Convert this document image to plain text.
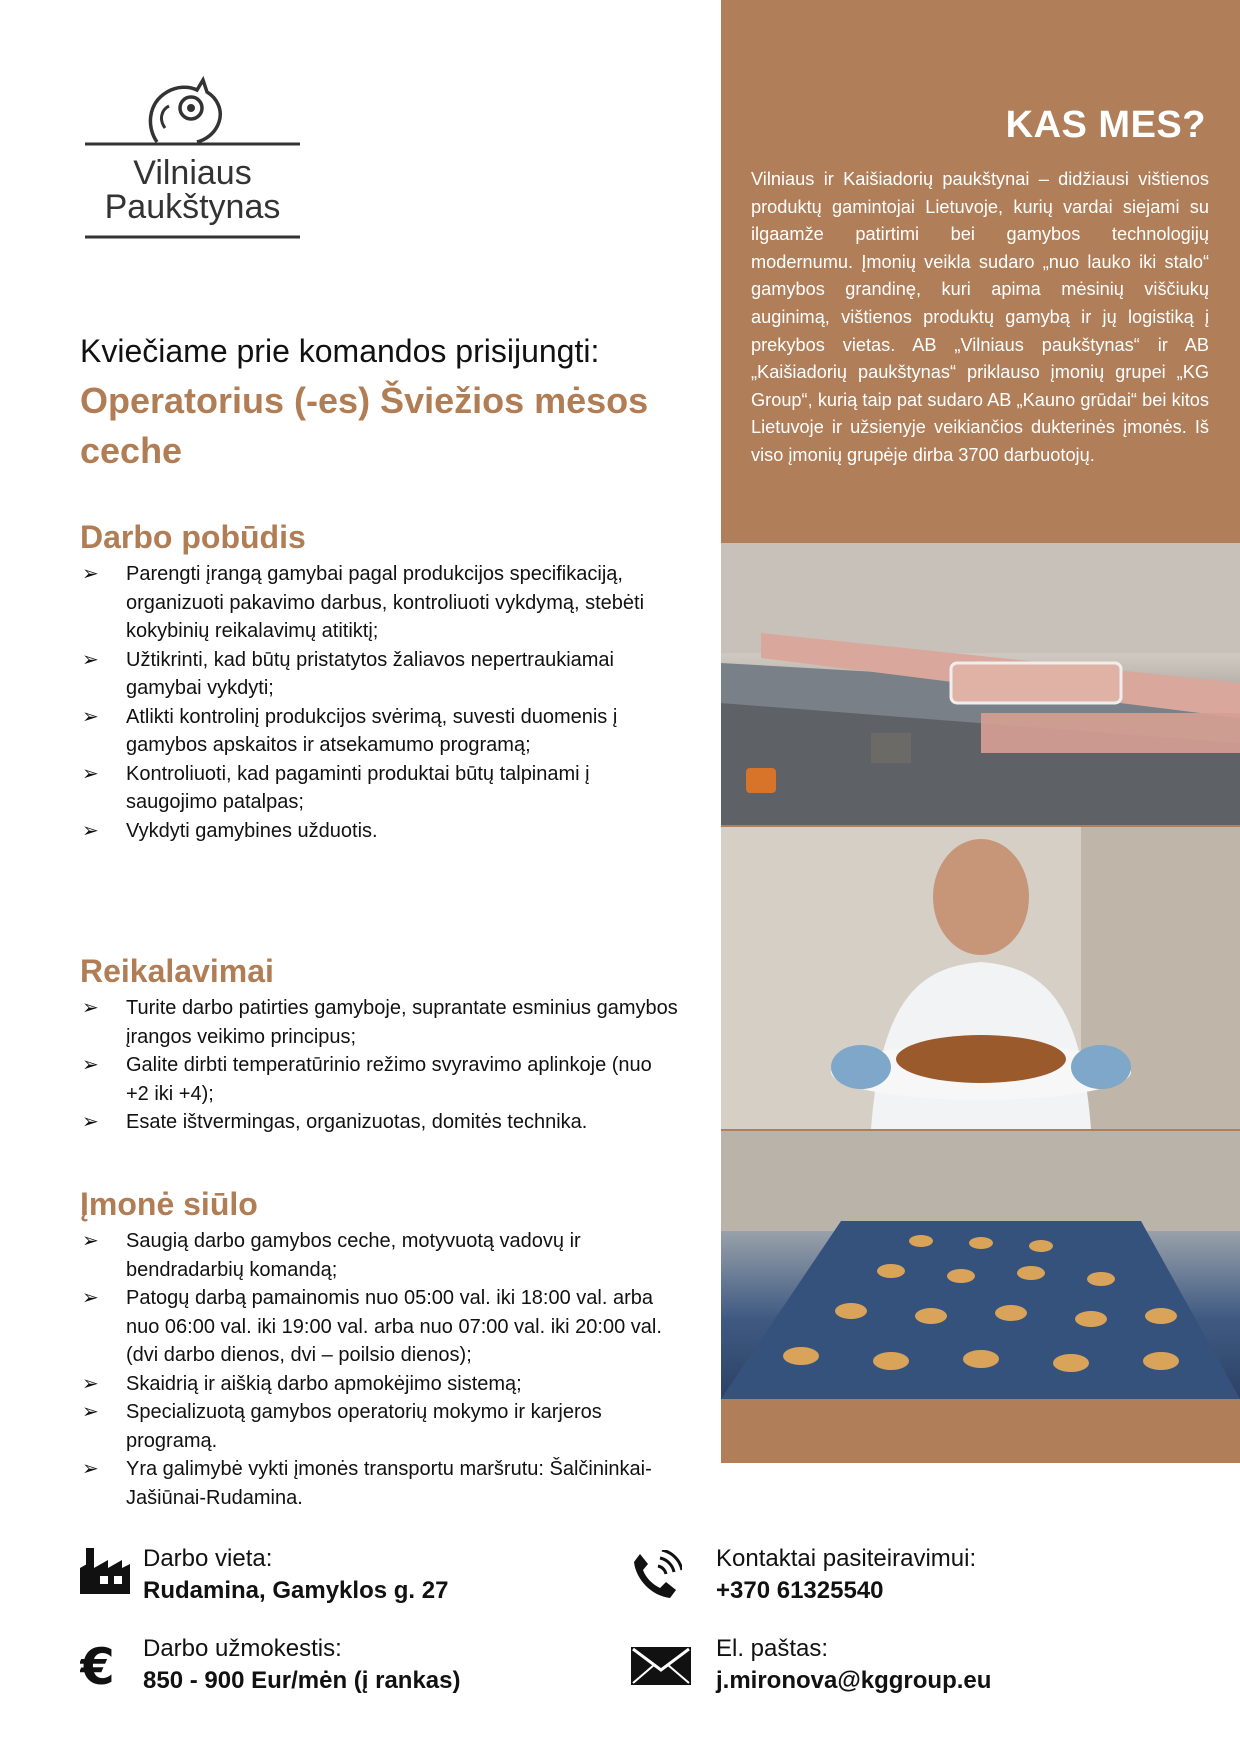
Vilniaus
Paukštynas
Kviečiame prie komandos prisijungti:
Operatorius (-es) Šviežios mėsos ceche
Darbo pobūdis
➢ Parengti įrangą gamybai pagal produkcijos specifikaciją, organizuoti pakavimo darbus, kontroliuoti vykdymą, stebėti kokybinių reikalavimų atitiktį;
➢ Užtikrinti, kad būtų pristatytos žaliavos nepertraukiamai gamybai vykdyti;
➢ Atlikti kontrolinį produkcijos svėrimą, suvesti duomenis į gamybos apskaitos ir atsekamumo programą;
➢ Kontroliuoti, kad pagaminti produktai būtų talpinami į saugojimo patalpas;
➢ Vykdyti gamybines užduotis.
Reikalavimai
➢ Turite darbo patirties gamyboje, suprantate esminius gamybos įrangos veikimo principus;
➢ Galite dirbti temperatūrinio režimo svyravimo aplinkoje (nuo +2 iki +4);
➢ Esate ištvermingas, organizuotas, domitės technika.
Įmonė siūlo
➢ Saugią darbo gamybos ceche, motyvuotą vadovų ir bendradarbių komandą;
➢ Patogų darbą pamainomis nuo 05:00 val. iki 18:00 val. arba nuo 06:00 val. iki 19:00 val. arba nuo 07:00 val. iki 20:00 val. (dvi darbo dienos, dvi – poilsio dienos);
➢ Skaidrią ir aiškią darbo apmokėjimo sistemą;
➢ Specializuotą gamybos operatorių mokymo ir karjeros programą.
➢ Yra galimybė vykti įmonės transportu maršrutu: Šalčininkai-Jašiūnai-Rudamina.
KAS MES?

Vilniaus ir Kaišiadorių paukštynai – didžiausi vištienos produktų gamintojai Lietuvoje, kurių vardai siejami su ilgaamže patirtimi bei gamybos technologijų modernumu. Įmonių veikla sudaro „nuo lauko iki stalo“ gamybos grandinę, kuri apima mėsinių viščiukų auginimą, vištienos produktų gamybą ir jų logistiką į prekybos vietas. AB „Vilniaus paukštynas“ ir AB „Kaišiadorių paukštynas“ priklauso įmonių grupei „KG Group“, kurią taip pat sudaro AB „Kauno grūdai“ bei kitos Lietuvoje ir užsienyje veikiančios dukterinės įmonės. Iš viso įmonių grupėje dirba 3700 darbuotojų.

Darbo vieta:
Rudamina, Gamyklos g. 27
€ Darbo užmokestis:
850 - 900 Eur/mėn (į rankas)
Kontaktai pasiteiravimui:
+370 61325540
El. paštas:
j.mironova@kggroup.eu
